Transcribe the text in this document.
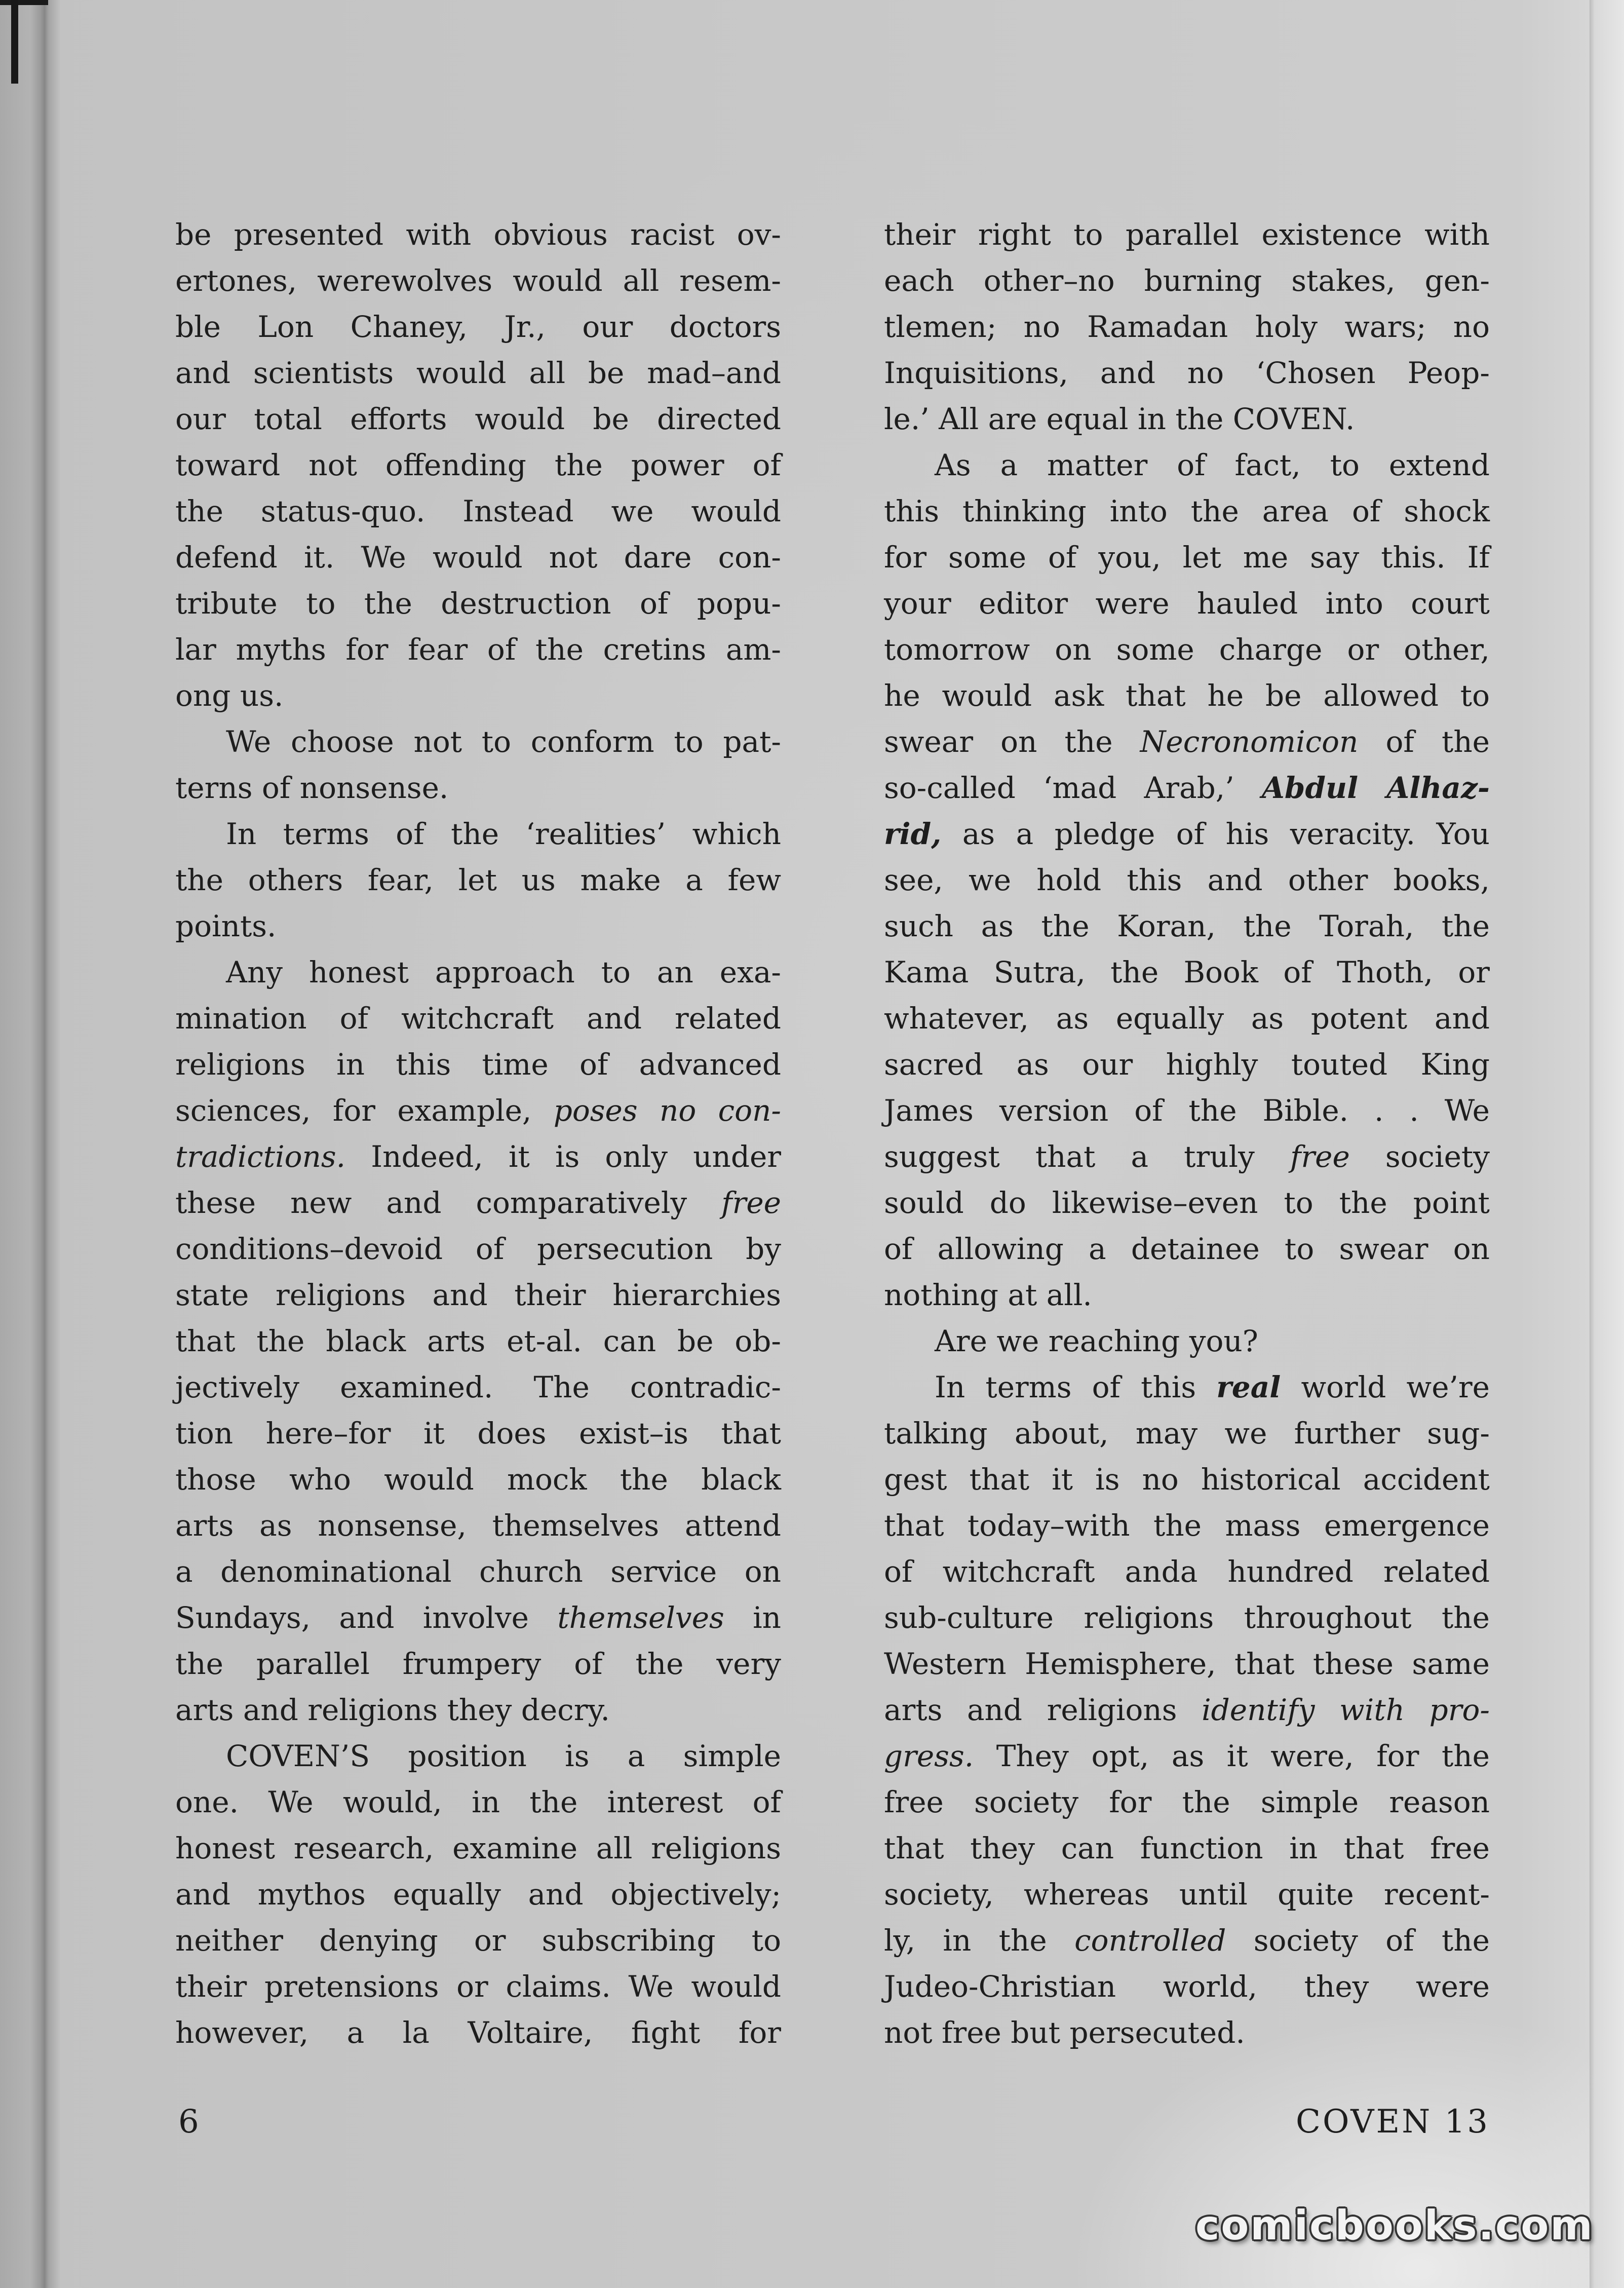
be presented with obvious racist ov-
ertones, werewolves would all resem-
ble Lon Chaney, Jr., our doctors
and scientists would all be mad–and
our total efforts would be directed
toward not offending the power of
the status-quo. Instead we would
defend it. We would not dare con-
tribute to the destruction of popu-
lar myths for fear of the cretins am-
ong us.
We choose not to conform to pat-
terns of nonsense.
In terms of the ‘realities’ which
the others fear, let us make a few
points.
Any honest approach to an exa-
mination of witchcraft and related
religions in this time of advanced
sciences, for example, poses no con-
tradictions. Indeed, it is only under
these new and comparatively free
conditions–devoid of persecution by
state religions and their hierarchies
that the black arts et-al. can be ob-
jectively examined. The contradic-
tion here–for it does exist–is that
those who would mock the black
arts as nonsense, themselves attend
a denominational church service on
Sundays, and involve themselves in
the parallel frumpery of the very
arts and religions they decry.
COVEN’S position is a simple
one. We would, in the interest of
honest research, examine all religions
and mythos equally and objectively;
neither denying or subscribing to
their pretensions or claims. We would
however, a la Voltaire, fight for
their right to parallel existence with
each other–no burning stakes, gen-
tlemen; no Ramadan holy wars; no
Inquisitions, and no ‘Chosen Peop-
le.’ All are equal in the COVEN.
As a matter of fact, to extend
this thinking into the area of shock
for some of you, let me say this. If
your editor were hauled into court
tomorrow on some charge or other,
he would ask that he be allowed to
swear on the Necronomicon of the
so-called ‘mad Arab,’ Abdul Alhaz-
rid, as a pledge of his veracity. You
see, we hold this and other books,
such as the Koran, the Torah, the
Kama Sutra, the Book of Thoth, or
whatever, as equally as potent and
sacred as our highly touted King
James version of the Bible. . . We
suggest that a truly free society
sould do likewise–even to the point
of allowing a detainee to swear on
nothing at all.
Are we reaching you?
In terms of this real world we’re
talking about, may we further sug-
gest that it is no historical accident
that today–with the mass emergence
of witchcraft anda hundred related
sub-culture religions throughout the
Western Hemisphere, that these same
arts and religions identify with pro-
gress. They opt, as it were, for the
free society for the simple reason
that they can function in that free
society, whereas until quite recent-
ly, in the controlled society of the
Judeo-Christian world, they were
not free but persecuted.
6	COVEN 13
comicbooks.com
